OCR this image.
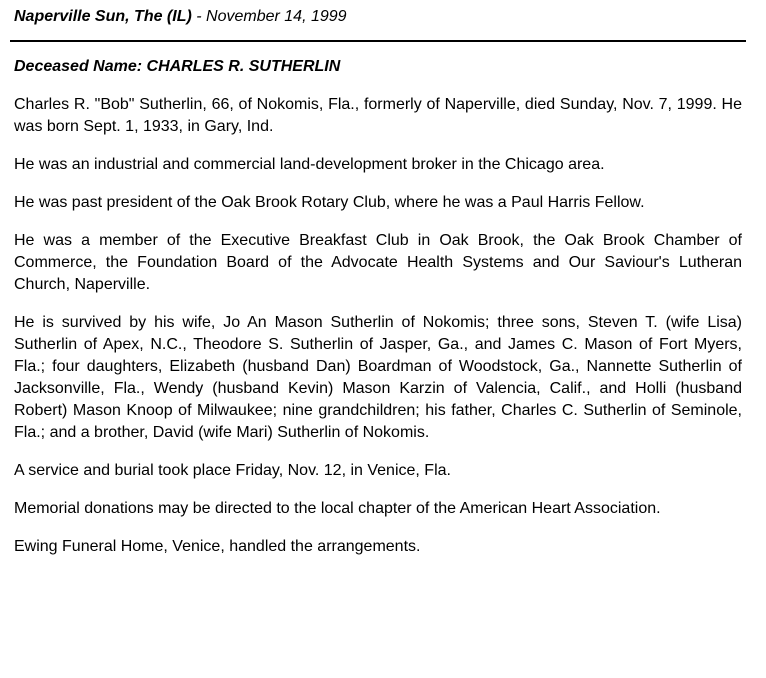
Naperville Sun, The (IL) - November 14, 1999
Deceased Name: CHARLES R. SUTHERLIN

Charles R. "Bob" Sutherlin, 66, of Nokomis, Fla., formerly of Naperville, died Sunday, Nov. 7, 1999. He was born Sept. 1, 1933, in Gary, Ind.

He was an industrial and commercial land-development broker in the Chicago area.

He was past president of the Oak Brook Rotary Club, where he was a Paul Harris Fellow.

He was a member of the Executive Breakfast Club in Oak Brook, the Oak Brook Chamber of Commerce, the Foundation Board of the Advocate Health Systems and Our Saviour's Lutheran Church, Naperville.

He is survived by his wife, Jo An Mason Sutherlin of Nokomis; three sons, Steven T. (wife Lisa) Sutherlin of Apex, N.C., Theodore S. Sutherlin of Jasper, Ga., and James C. Mason of Fort Myers, Fla.; four daughters, Elizabeth (husband Dan) Boardman of Woodstock, Ga., Nannette Sutherlin of Jacksonville, Fla., Wendy (husband Kevin) Mason Karzin of Valencia, Calif., and Holli (husband Robert) Mason Knoop of Milwaukee; nine grandchildren; his father, Charles C. Sutherlin of Seminole, Fla.; and a brother, David (wife Mari) Sutherlin of Nokomis.

A service and burial took place Friday, Nov. 12, in Venice, Fla.

Memorial donations may be directed to the local chapter of the American Heart Association.

Ewing Funeral Home, Venice, handled the arrangements.
